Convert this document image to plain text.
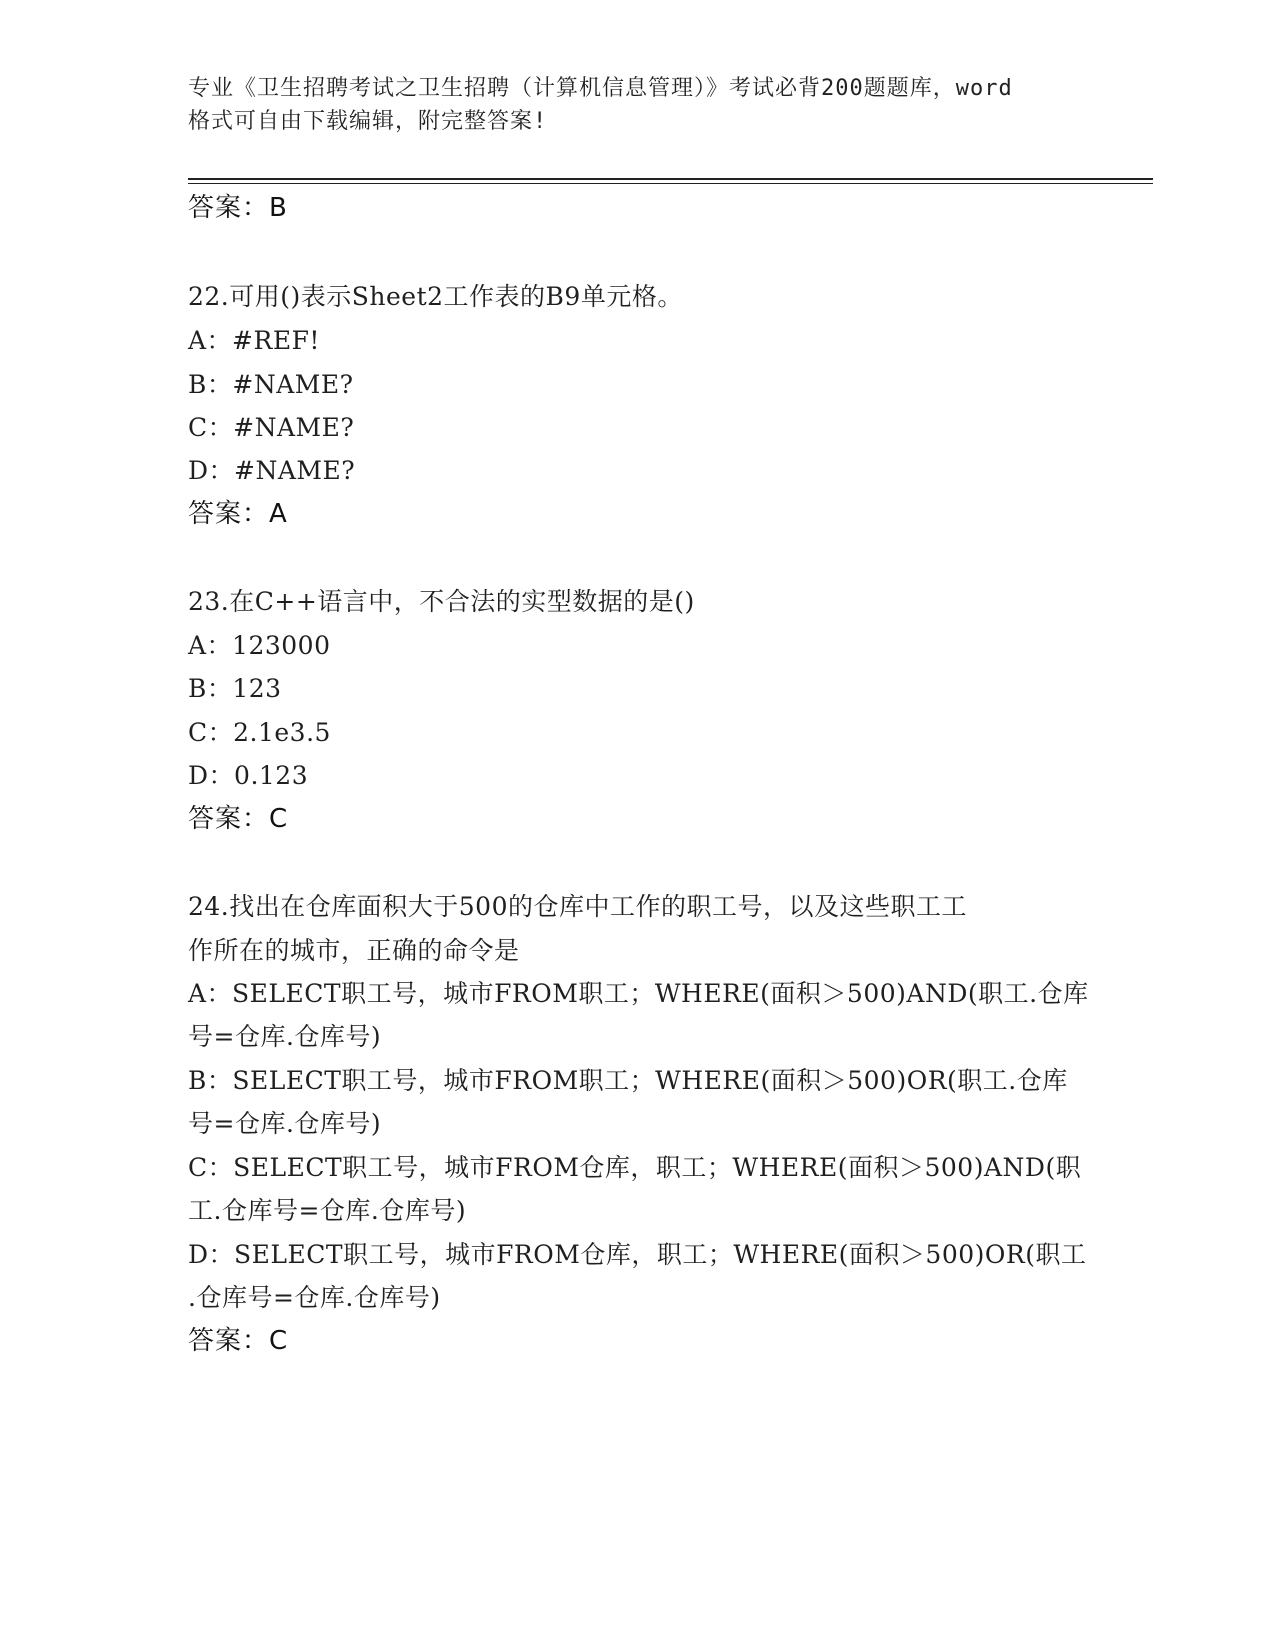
专业《卫生招聘考试之卫生招聘（计算机信息管理）》考试必背200题题库，word
格式可自由下载编辑，附完整答案!
答案：B
22.可用()表示Sheet2工作表的B9单元格。
A：#REF!
B：#NAME?
C：#NAME?
D：#NAME?
答案：A
23.在C++语言中，不合法的实型数据的是()
A：123000
B：123
C：2.1e3.5
D：0.123
答案：C
24.找出在仓库面积大于500的仓库中工作的职工号，以及这些职工工
作所在的城市，正确的命令是
A：SELECT职工号，城市FROM职工；WHERE(面积＞500)AND(职工.仓库
号=仓库.仓库号)
B：SELECT职工号，城市FROM职工；WHERE(面积＞500)OR(职工.仓库
号=仓库.仓库号)
C：SELECT职工号，城市FROM仓库，职工；WHERE(面积＞500)AND(职
工.仓库号=仓库.仓库号)
D：SELECT职工号，城市FROM仓库，职工；WHERE(面积＞500)OR(职工
.仓库号=仓库.仓库号)
答案：C
